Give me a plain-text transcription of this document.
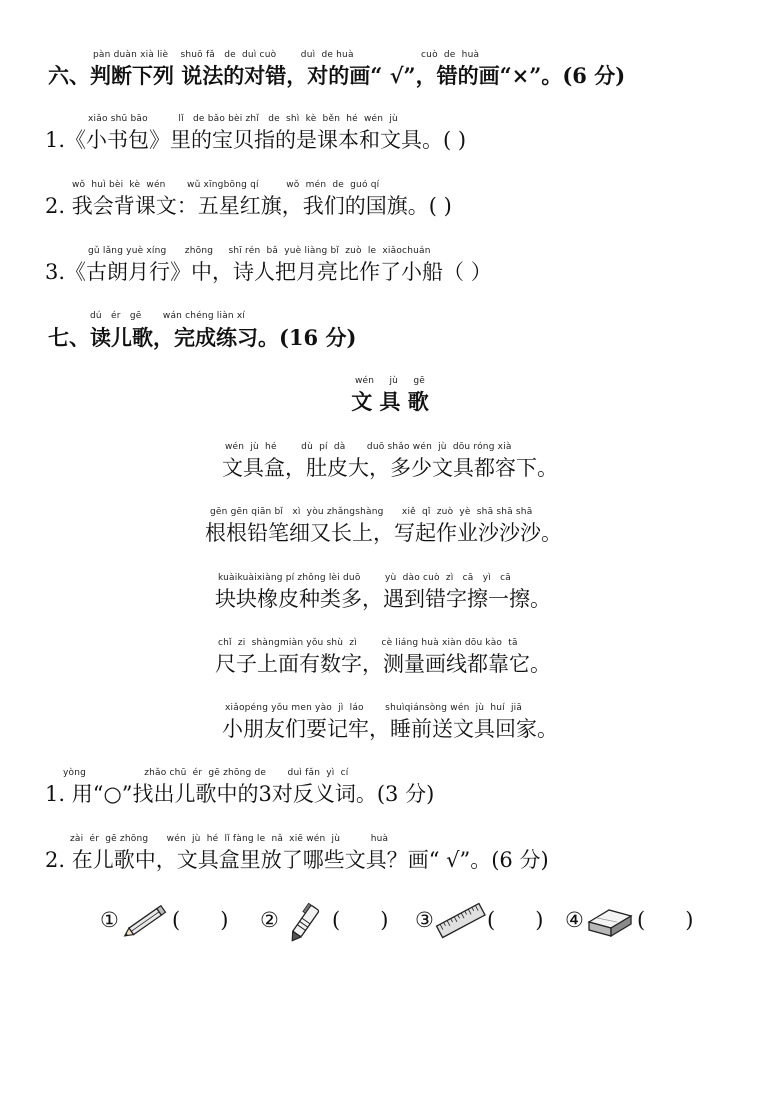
pàn duàn xià liè    shuō fǎ   de  duì cuò        duì  de huà                      cuò  de  huà
六、判断下列 说法的对错，对的画“ √”，错的画“×”。(6 分)
xiǎo shū bāo          lǐ   de bǎo bèi zhǐ   de  shì  kè  běn  hé  wén  jù
1.《小书包》里的宝贝指的是课本和文具。( )
wǒ  huì bèi  kè  wén       wǔ xīngbōng qí         wǒ  mén  de  guó qí
2. 我会背课文：五星红旗，我们的国旗。( )
gǔ lǎng yuè xíng      zhōng     shī rén  bǎ  yuè liàng bǐ  zuò  le  xiǎochuán
3.《古朗月行》中，诗人把月亮比作了小船（ ）
dú   ér   gē       wán chéng liàn xí
七、读儿歌，完成练习。(16 分)
wén     jù     gē
文 具 歌
wén  jù  hé        dù  pí  dà       duō shǎo wén  jù  dōu róng xià
文具盒，肚皮大，多少文具都容下。
gēn gēn qiān bǐ   xì  yòu zhǎngshàng      xiě  qǐ  zuò  yè  shā shā shā
根根铅笔细又长上，写起作业沙沙沙。
kuàikuàixiàng pí zhǒng lèi duō        yù  dào cuò  zì   cā   yì   cā
块块橡皮种类多，遇到错字擦一擦。
chǐ  zi  shàngmiàn yǒu shù  zì        cè liáng huà xiàn dōu kào  tā
尺子上面有数字，测量画线都靠它。
xiǎopéng yǒu men yào  jì  láo       shuìqiánsòng wén  jù  huí  jiā
小朋友们要记牢，睡前送文具回家。
yòng                   zhǎo chū  ér  gē zhōng de       duì fǎn  yì  cí
1. 用“○”找出儿歌中的3对反义词。(3 分)
zài  ér  gē zhōng      wén  jù  hé  lǐ fàng le  nǎ  xiē wén  jù          huà
2. 在儿歌中，文具盒里放了哪些文具？画“ √”。(6 分)
①	(      ) ②	(      ) ③	(      ) ④	(      )
